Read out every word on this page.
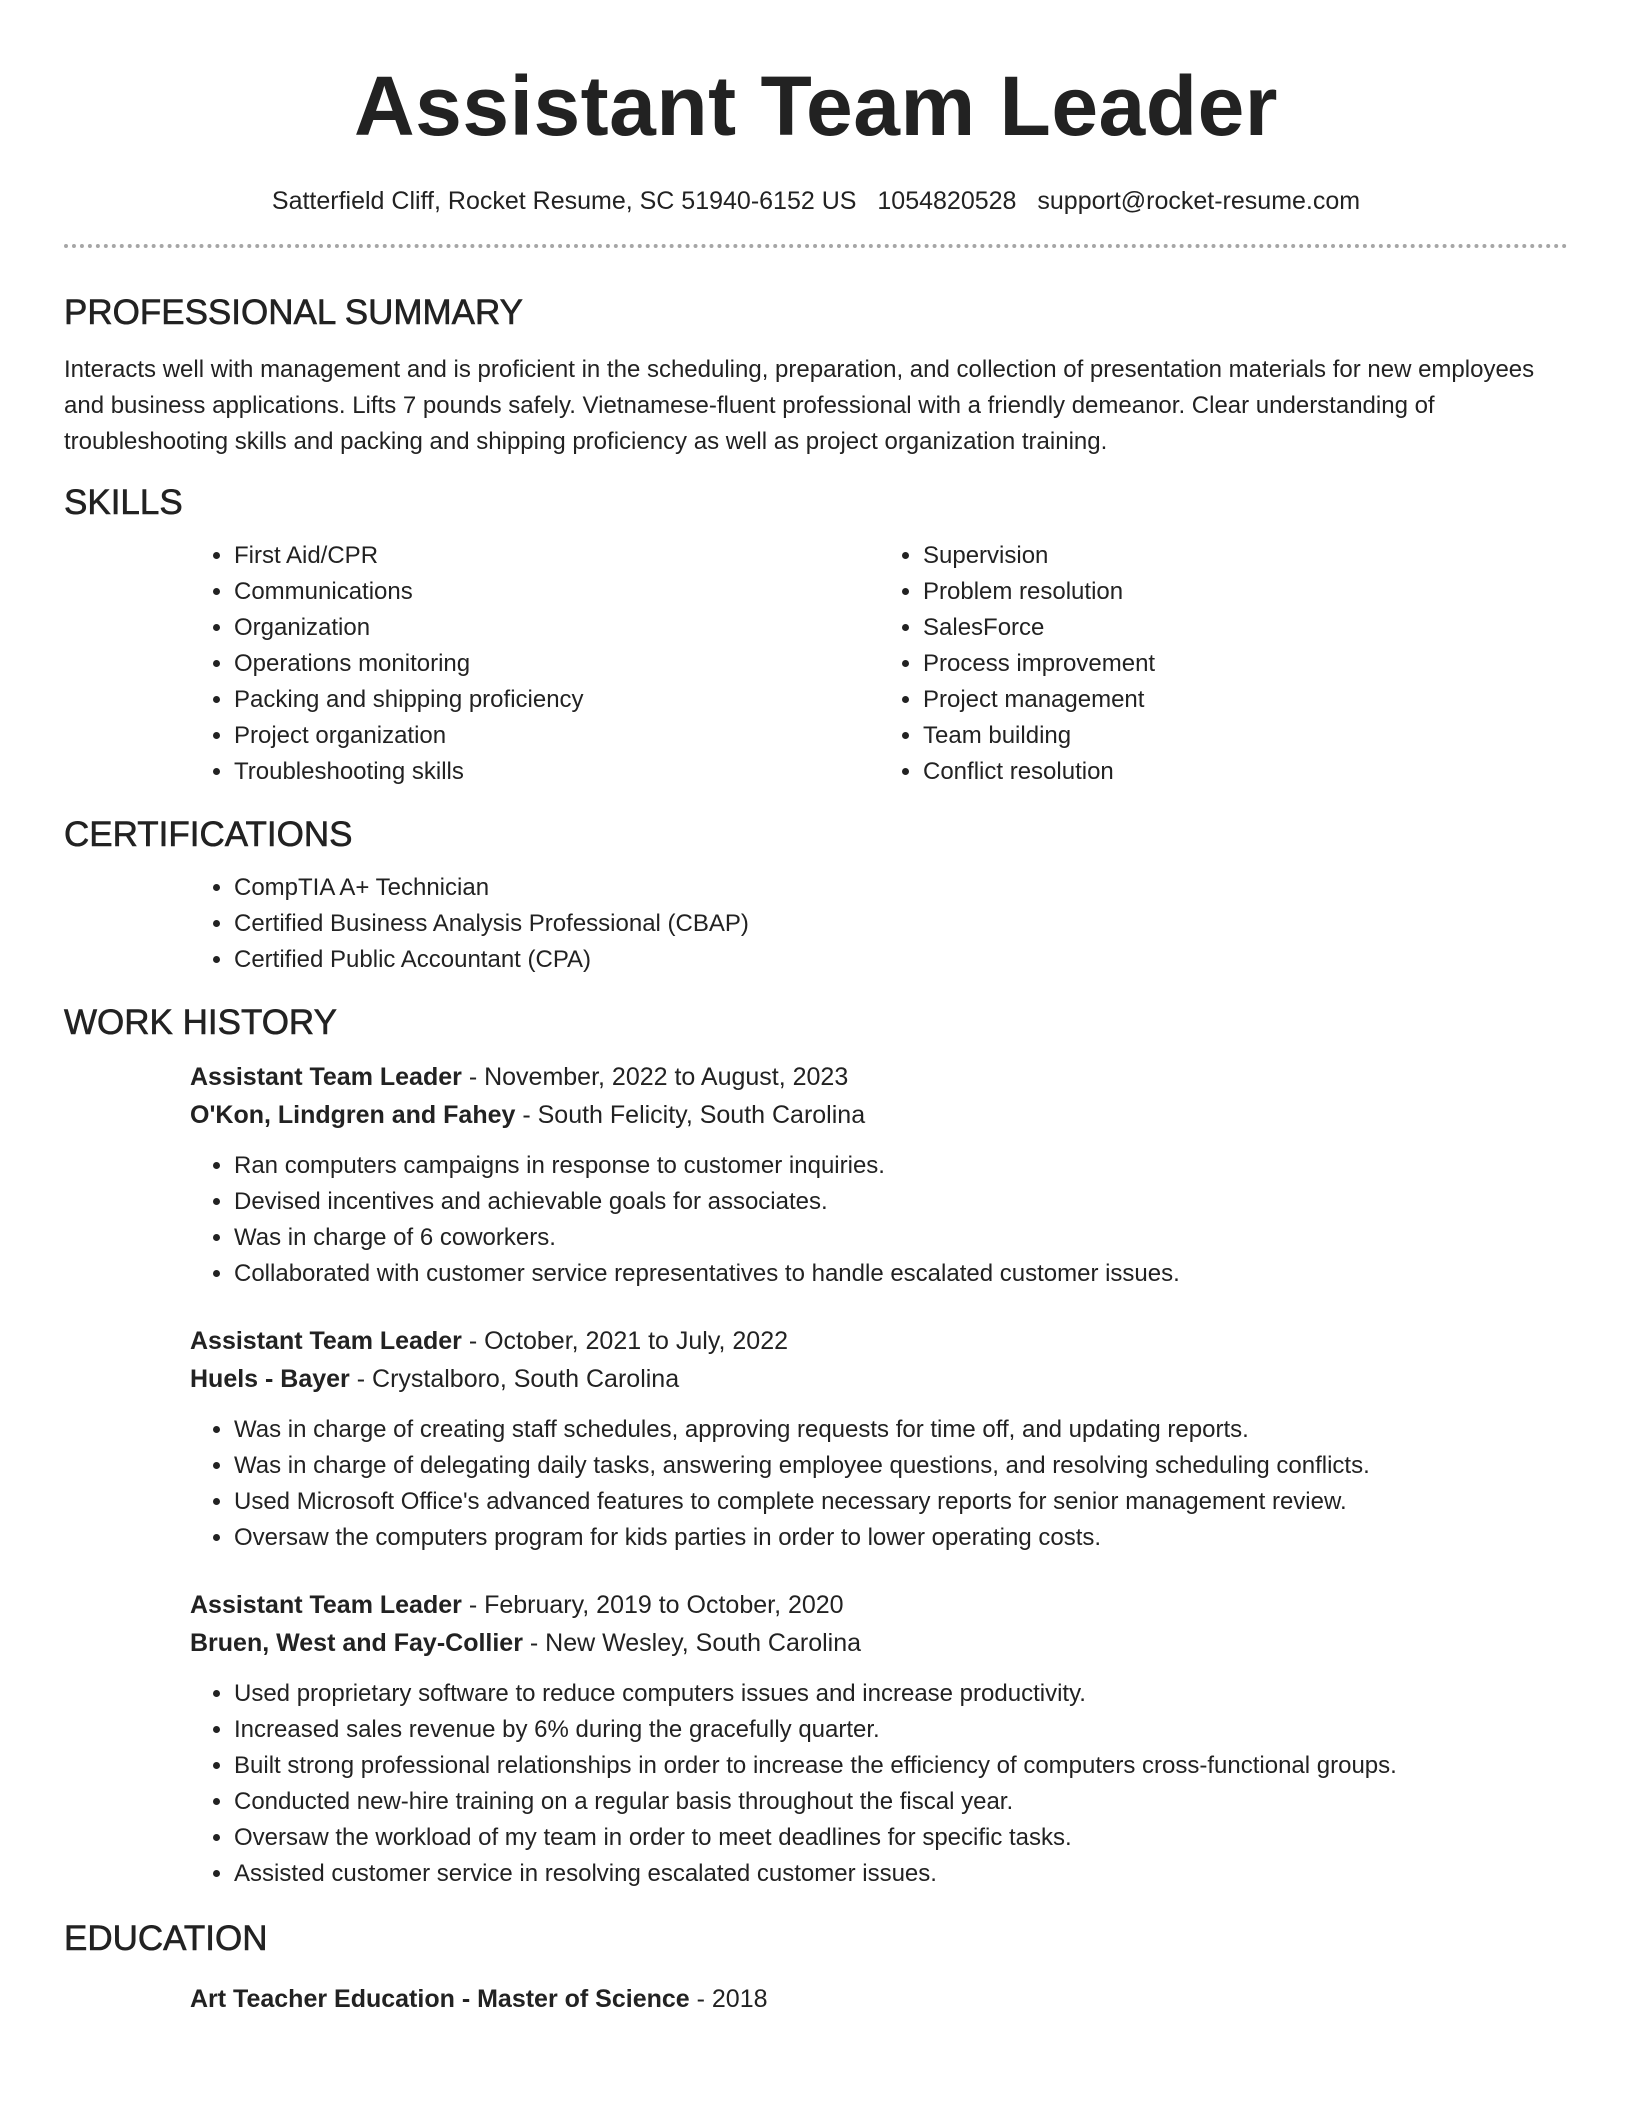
Assistant Team Leader
Satterfield Cliff, Rocket Resume, SC 51940-6152 US 1054820528 support@rocket-resume.com
PROFESSIONAL SUMMARY

Interacts well with management and is proficient in the scheduling, preparation, and collection of presentation materials for new employees and business applications. Lifts 7 pounds safely. Vietnamese-fluent professional with a friendly demeanor. Clear understanding of troubleshooting skills and packing and shipping proficiency as well as project organization training.

SKILLS
• First Aid/CPR
• Communications
• Organization
• Operations monitoring
• Packing and shipping proficiency
• Project organization
• Troubleshooting skills
• Supervision
• Problem resolution
• SalesForce
• Process improvement
• Project management
• Team building
• Conflict resolution
CERTIFICATIONS
• CompTIA A+ Technician
• Certified Business Analysis Professional (CBAP)
• Certified Public Accountant (CPA)
WORK HISTORY

Assistant Team Leader - November, 2022 to August, 2023

O'Kon, Lindgren and Fahey - South Felicity, South Carolina

• Ran computers campaigns in response to customer inquiries.
• Devised incentives and achievable goals for associates.
• Was in charge of 6 coworkers.
• Collaborated with customer service representatives to handle escalated customer issues.

Assistant Team Leader - October, 2021 to July, 2022

Huels - Bayer - Crystalboro, South Carolina

• Was in charge of creating staff schedules, approving requests for time off, and updating reports.
• Was in charge of delegating daily tasks, answering employee questions, and resolving scheduling conflicts.
• Used Microsoft Office's advanced features to complete necessary reports for senior management review.
• Oversaw the computers program for kids parties in order to lower operating costs.

Assistant Team Leader - February, 2019 to October, 2020

Bruen, West and Fay-Collier - New Wesley, South Carolina

• Used proprietary software to reduce computers issues and increase productivity.
• Increased sales revenue by 6% during the gracefully quarter.
• Built strong professional relationships in order to increase the efficiency of computers cross-functional groups.
• Conducted new-hire training on a regular basis throughout the fiscal year.
• Oversaw the workload of my team in order to meet deadlines for specific tasks.
• Assisted customer service in resolving escalated customer issues.
EDUCATION

Art Teacher Education - Master of Science - 2018
